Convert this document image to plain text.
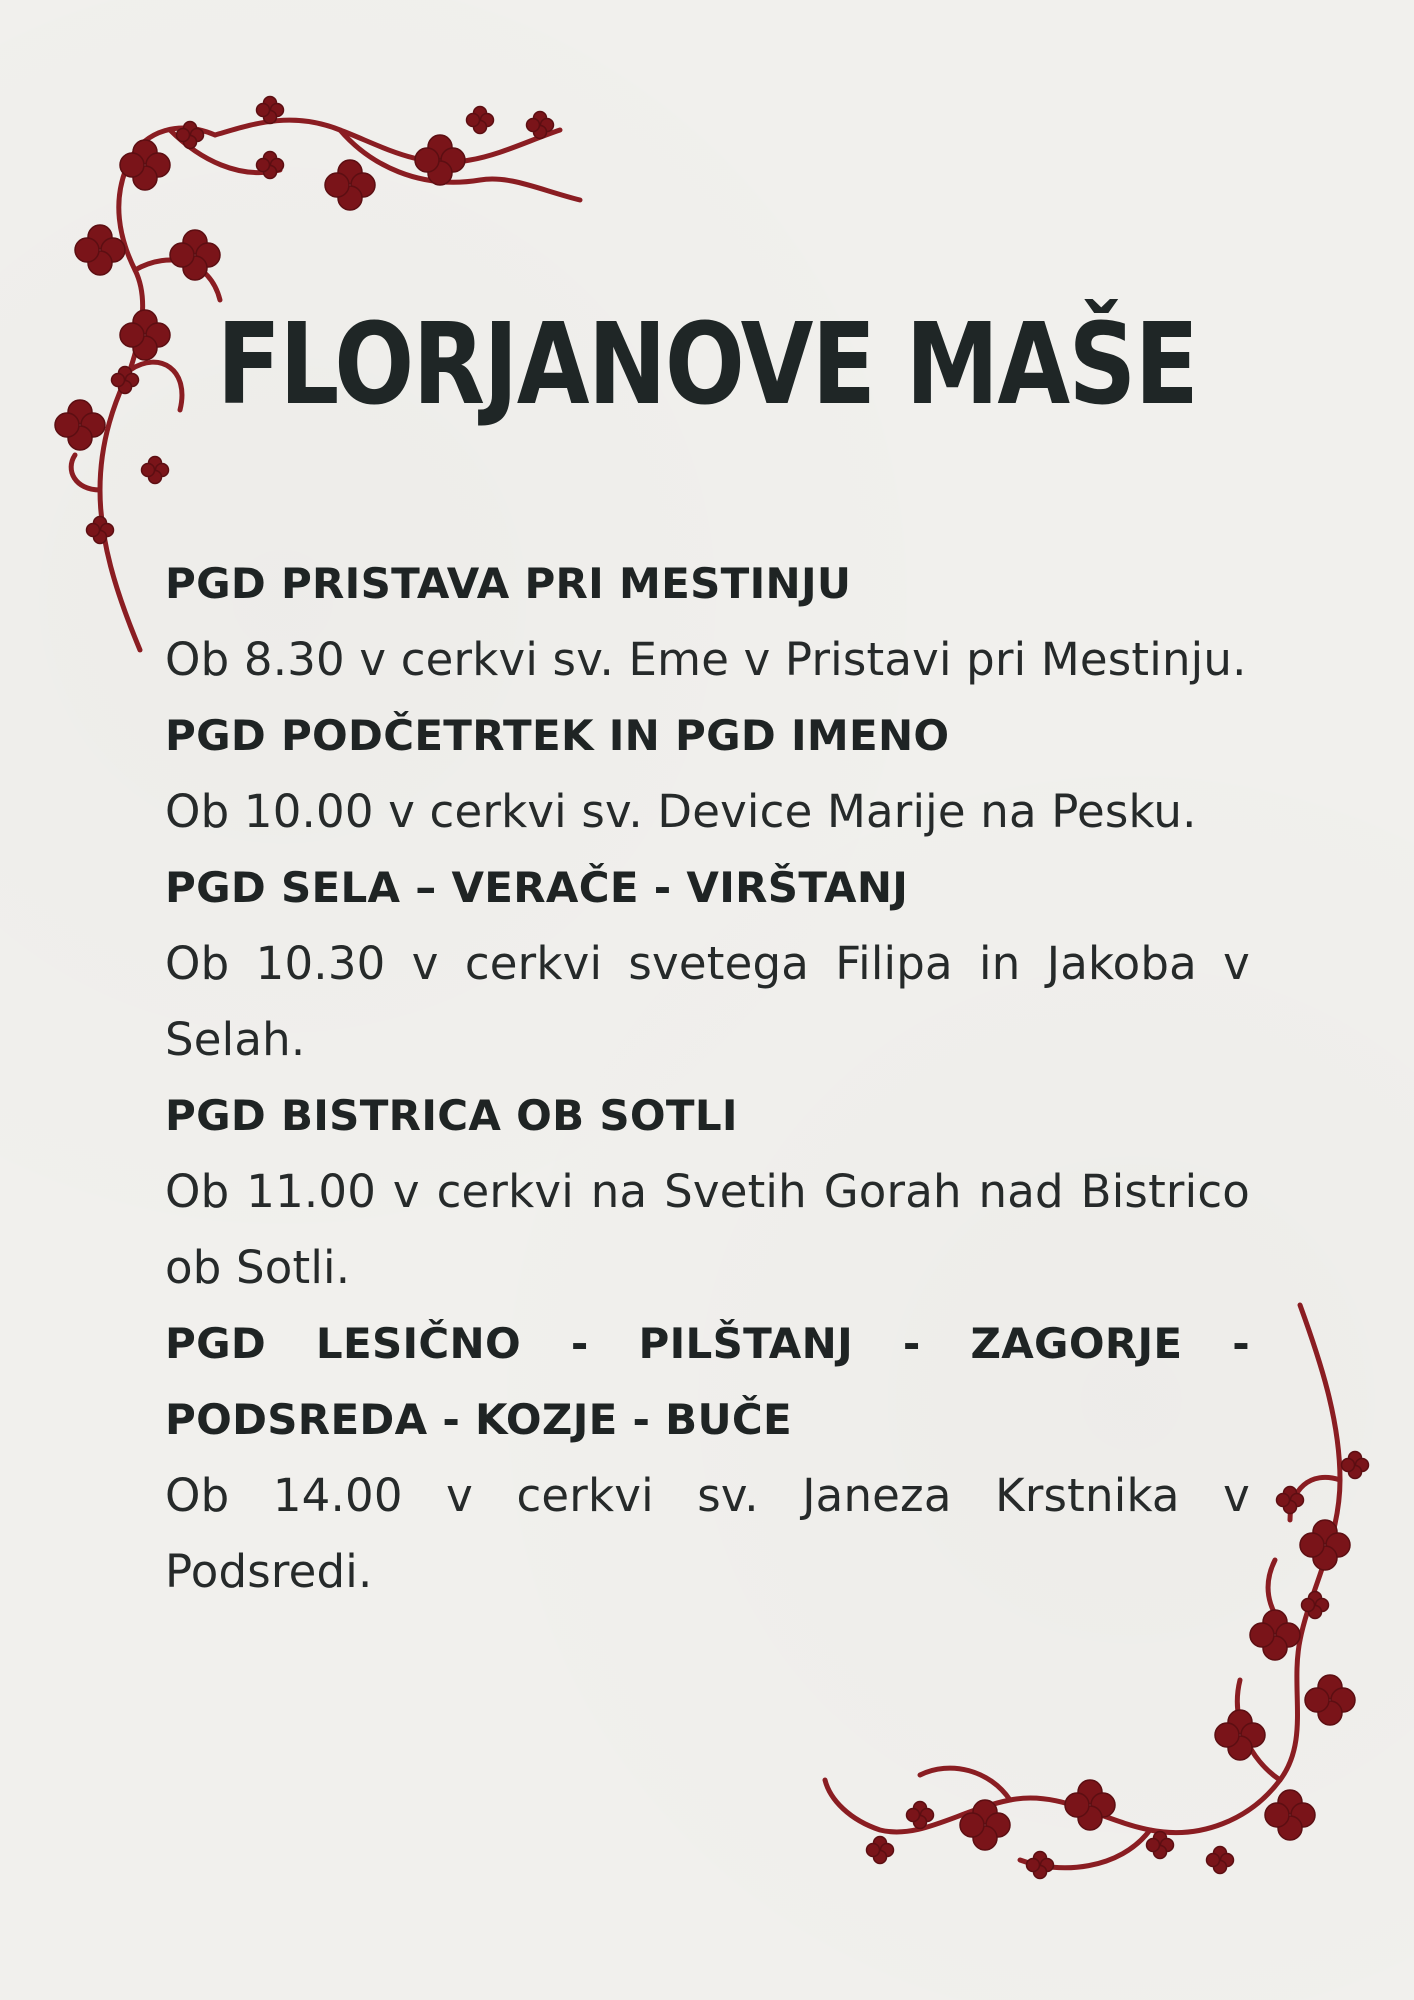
FLORJANOVE MAŠE
PGD PRISTAVA PRI MESTINJU
Ob 8.30 v cerkvi sv. Eme v Pristavi pri Mestinju.
PGD PODČETRTEK IN PGD IMENO
Ob 10.00 v cerkvi sv. Device Marije na Pesku.
PGD SELA – VERAČE - VIRŠTANJ
Ob 10.30 v cerkvi svetega Filipa in Jakoba v Selah.
PGD BISTRICA OB SOTLI
Ob 11.00 v cerkvi na Svetih Gorah nad Bistrico ob Sotli.
PGD LESIČNO - PILŠTANJ - ZAGORJE - PODSREDA - KOZJE - BUČE
Ob 14.00 v cerkvi sv. Janeza Krstnika v Podsredi.
